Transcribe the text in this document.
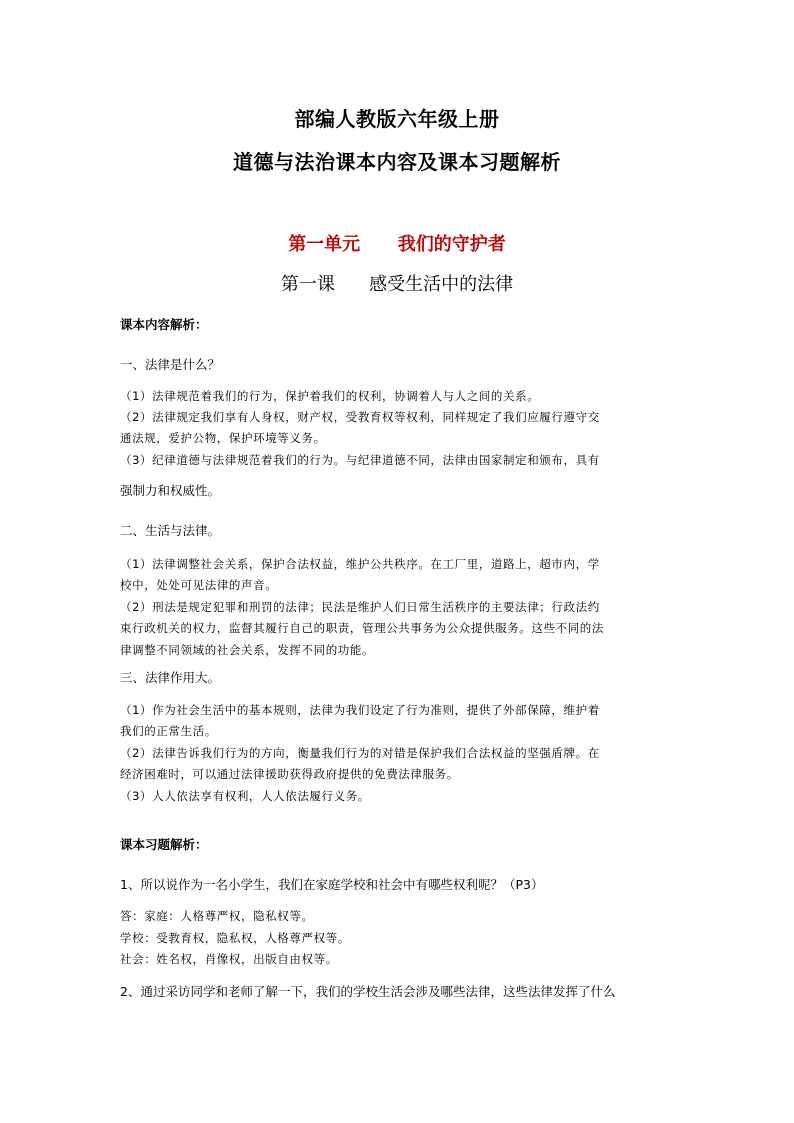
部编人教版六年级上册
道德与法治课本内容及课本习题解析
第一单元 我们的守护者
第一课 感受生活中的法律
课本内容解析：
一、法律是什么？
（1）法律规范着我们的行为，保护着我们的权利，协调着人与人之间的关系。
（2）法律规定我们享有人身权，财产权，受教育权等权利，同样规定了我们应履行遵守交
通法规，爱护公物，保护环境等义务。
（3）纪律道德与法律规范着我们的行为。与纪律道德不同，法律由国家制定和颁布，具有
强制力和权威性。
二、生活与法律。
（1）法律调整社会关系，保护合法权益，维护公共秩序。在工厂里，道路上，超市内，学
校中，处处可见法律的声音。
（2）刑法是规定犯罪和刑罚的法律；民法是维护人们日常生活秩序的主要法律；行政法约
束行政机关的权力，监督其履行自己的职责，管理公共事务为公众提供服务。这些不同的法
律调整不同领域的社会关系，发挥不同的功能。
三、法律作用大。
（1）作为社会生活中的基本规则，法律为我们设定了行为准则，提供了外部保障，维护着
我们的正常生活。
（2）法律告诉我们行为的方向，衡量我们行为的对错是保护我们合法权益的坚强盾牌。在
经济困难时，可以通过法律援助获得政府提供的免费法律服务。
（3）人人依法享有权利，人人依法履行义务。
课本习题解析：
1、所以说作为一名小学生，我们在家庭学校和社会中有哪些权利呢？（P3）
答：家庭：人格尊严权，隐私权等。
学校：受教育权，隐私权，人格尊严权等。
社会：姓名权，肖像权，出版自由权等。
2、通过采访同学和老师了解一下，我们的学校生活会涉及哪些法律，这些法律发挥了什么
